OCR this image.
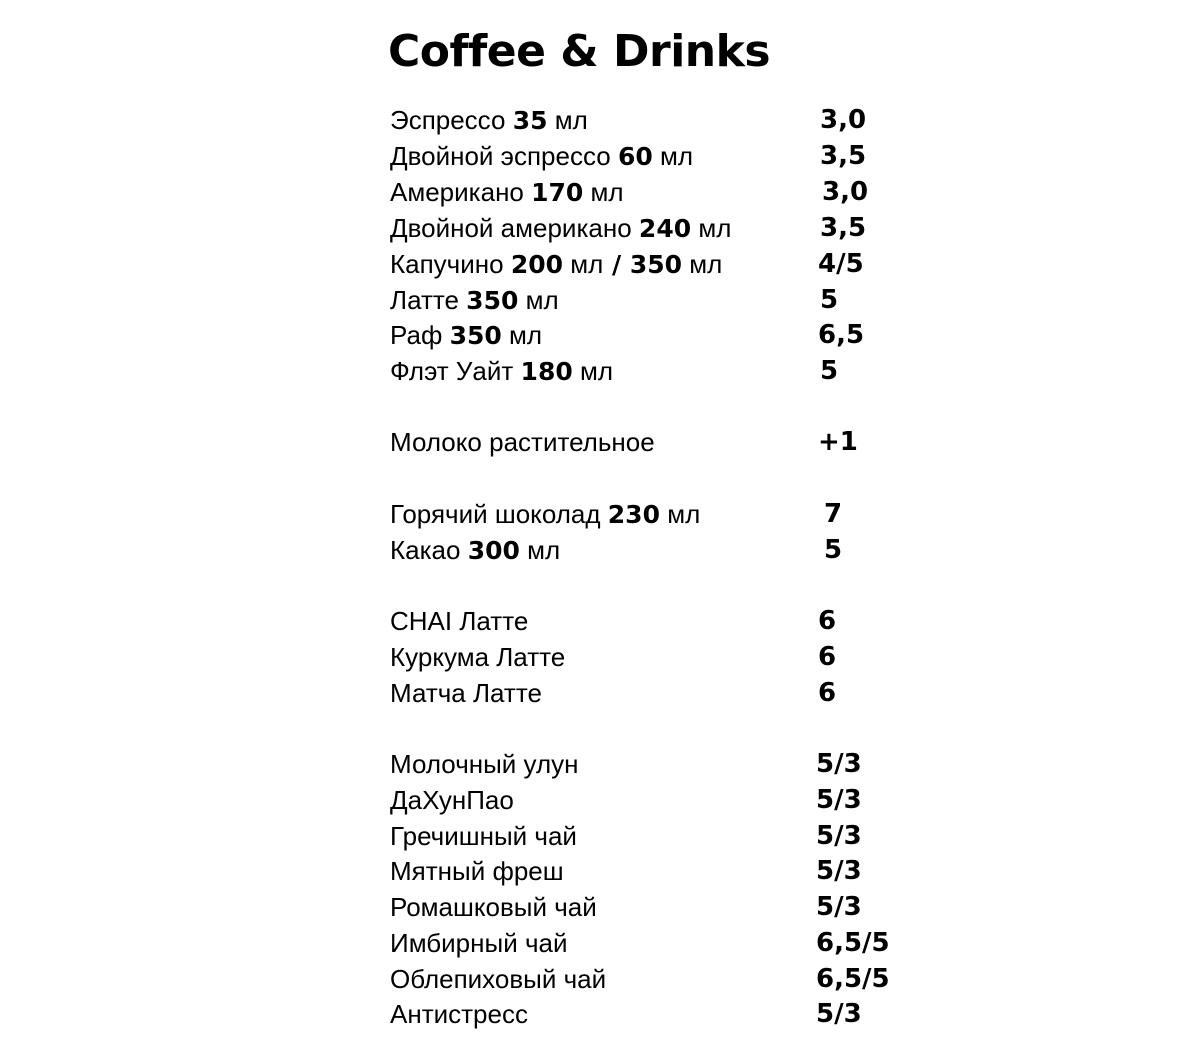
Coffee & Drinks
Эспрессо 35 мл	3,0
Двойной эспрессо 60 мл	3,5
Американо 170 мл	3,0
Двойной американо 240 мл	3,5
Капучино 200 мл / 350 мл	4/5
Латте 350 мл	5
Раф 350 мл	6,5
Флэт Уайт 180 мл	5
Молоко растительное	+1
Горячий шоколад 230 мл	7
Какао 300 мл	5
CHAI Латте	6
Куркума Латте	6
Матча Латте	6
Молочный улун	5/3
ДаХунПао	5/3
Гречишный чай	5/3
Мятный фреш	5/3
Ромашковый чай	5/3
Имбирный чай	6,5/5
Облепиховый чай	6,5/5
Антистресс	5/3
